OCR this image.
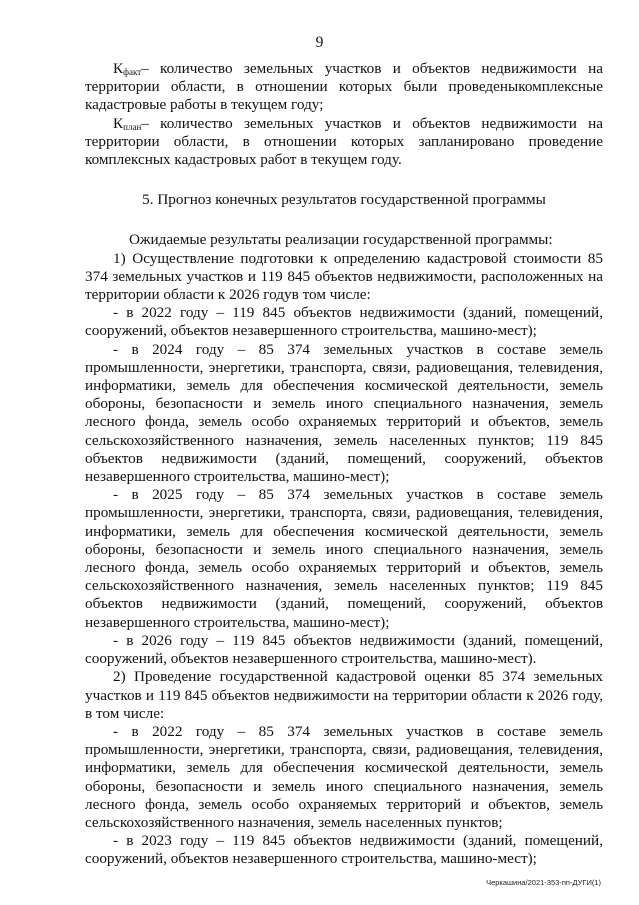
9

$К_{факт}-$ количество земельных участков и объектов недвижимости на территории области, в отношении которых были проведеныкомплексные кадастровые работы в текущем году;

$К_{план}-$ количество земельных участков и объектов недвижимости на территории области, в отношении которых запланировано проведение комплексных кадастровых работ в текущем году.

5. Прогноз конечных результатов государственной программы

Ожидаемые результаты реализации государственной программы:

1) Осуществление подготовки к определению кадастровой стоимости 85 374 земельных участков и 119 845 объектов недвижимости, расположенных на территории области к 2026 годув том числе:

- в 2022 году – 119 845 объектов недвижимости (зданий, помещений, сооружений, объектов незавершенного строительства, машино-мест);

- в 2024 году – 85 374 земельных участков в составе земель промышленности, энергетики, транспорта, связи, радиовещания, телевидения, информатики, земель для обеспечения космической деятельности, земель обороны, безопасности и земель иного специального назначения, земель лесного фонда, земель особо охраняемых территорий и объектов, земель сельскохозяйственного назначения, земель населенных пунктов; 119 845 объектов недвижимости (зданий, помещений, сооружений, объектов незавершенного строительства, машино-мест);

- в 2025 году – 85 374 земельных участков в составе земель промышленности, энергетики, транспорта, связи, радиовещания, телевидения, информатики, земель для обеспечения космической деятельности, земель обороны, безопасности и земель иного специального назначения, земель лесного фонда, земель особо охраняемых территорий и объектов, земель сельскохозяйственного назначения, земель населенных пунктов; 119 845 объектов недвижимости (зданий, помещений, сооружений, объектов незавершенного строительства, машино-мест);

- в 2026 году – 119 845 объектов недвижимости (зданий, помещений, сооружений, объектов незавершенного строительства, машино-мест).

2) Проведение государственной кадастровой оценки 85 374 земельных участков и 119 845 объектов недвижимости на территории области к 2026 году, в том числе:

- в 2022 году – 85 374 земельных участков в составе земель промышленности, энергетики, транспорта, связи, радиовещания, телевидения, информатики, земель для обеспечения космической деятельности, земель обороны, безопасности и земель иного специального назначения, земель лесного фонда, земель особо охраняемых территорий и объектов, земель сельскохозяйственного назначения, земель населенных пунктов;

- в 2023 году – 119 845 объектов недвижимости (зданий, помещений, сооружений, объектов незавершенного строительства, машино-мест);

Черкашина/2021-353-пп-ДУГИ(1)
